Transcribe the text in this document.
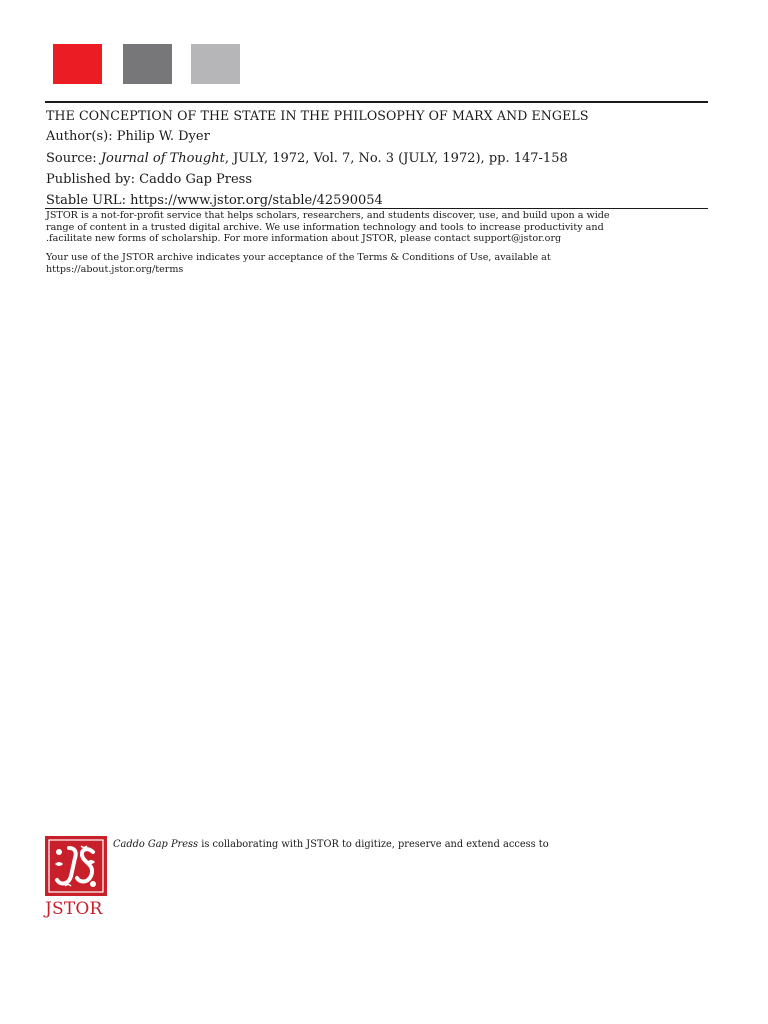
THE CONCEPTION OF THE STATE IN THE PHILOSOPHY OF MARX AND ENGELS
Author(s): Philip W. Dyer
Source: Journal of Thought, JULY, 1972, Vol. 7, No. 3 (JULY, 1972), pp. 147-158
Published by: Caddo Gap Press
Stable URL: https://www.jstor.org/stable/42590054
JSTOR is a not-for-profit service that helps scholars, researchers, and students discover, use, and build upon a wide
range of content in a trusted digital archive. We use information technology and tools to increase productivity and
.facilitate new forms of scholarship. For more information about JSTOR, please contact support@jstor.org
Your use of the JSTOR archive indicates your acceptance of the Terms & Conditions of Use, available at
https://about.jstor.org/terms
JSTOR
Caddo Gap Press is collaborating with JSTOR to digitize, preserve and extend access to
